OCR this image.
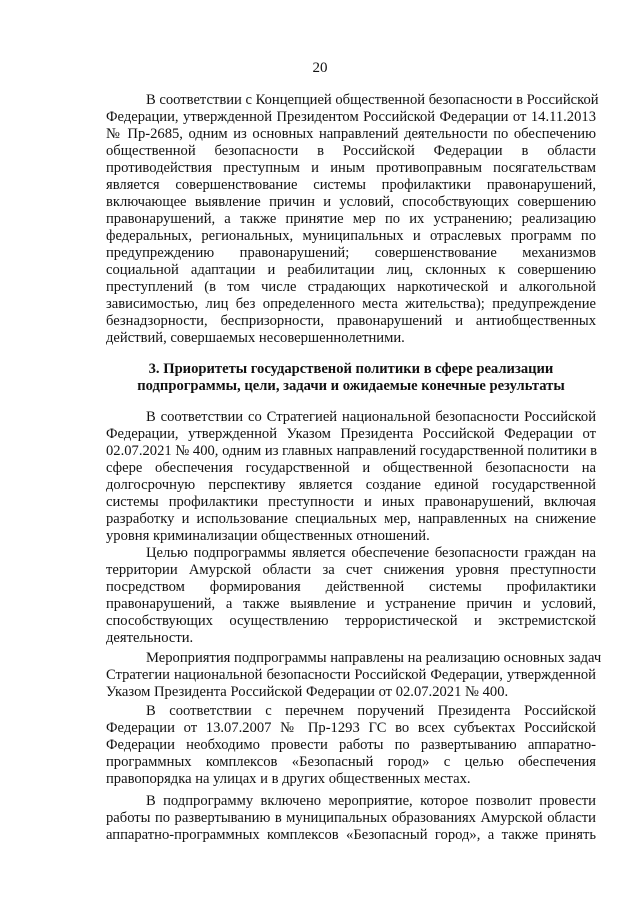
20

В соответствии с Концепцией общественной безопасности в Российской

Федерации, утвержденной Президентом Российской Федерации от 14.11.2013

№ Пр-2685, одним из основных направлений деятельности по обеспечению

общественной безопасности в Российской Федерации в области

противодействия преступным и иным противоправным посягательствам

является совершенствование системы профилактики правонарушений,

включающее выявление причин и условий, способствующих совершению

правонарушений, а также принятие мер по их устранению; реализацию

федеральных, региональных, муниципальных и отраслевых программ по

предупреждению правонарушений; совершенствование механизмов

социальной адаптации и реабилитации лиц, склонных к совершению

преступлений (в том числе страдающих наркотической и алкогольной

зависимостью, лиц без определенного места жительства); предупреждение

безнадзорности, беспризорности, правонарушений и антиобщественных

действий, совершаемых несовершеннолетними.

3. Приоритеты государственой политики в сфере реализации

подпрограммы, цели, задачи и ожидаемые конечные результаты

В соответствии со Стратегией национальной безопасности Российской

Федерации, утвержденной Указом Президента Российской Федерации от

02.07.2021 № 400, одним из главных направлений государственной политики в

сфере обеспечения государственной и общественной безопасности на

долгосрочную перспективу является создание единой государственной

системы профилактики преступности и иных правонарушений, включая

разработку и использование специальных мер, направленных на снижение

уровня криминализации общественных отношений.

Целью подпрограммы является обеспечение безопасности граждан на

территории Амурской области за счет снижения уровня преступности

посредством формирования действенной системы профилактики

правонарушений, а также выявление и устранение причин и условий,

способствующих осуществлению террористической и экстремистской

деятельности.

Мероприятия подпрограммы направлены на реализацию основных задач

Стратегии национальной безопасности Российской Федерации, утвержденной

Указом Президента Российской Федерации от 02.07.2021 № 400.

В соответствии с перечнем поручений Президента Российской

Федерации от 13.07.2007 № Пр-1293 ГС во всех субъектах Российской

Федерации необходимо провести работы по развертыванию аппаратно-

программных комплексов «Безопасный город» с целью обеспечения

правопорядка на улицах и в других общественных местах.

В подпрограмму включено мероприятие, которое позволит провести

работы по развертыванию в муниципальных образованиях Амурской области

аппаратно-программных комплексов «Безопасный город», а также принять
